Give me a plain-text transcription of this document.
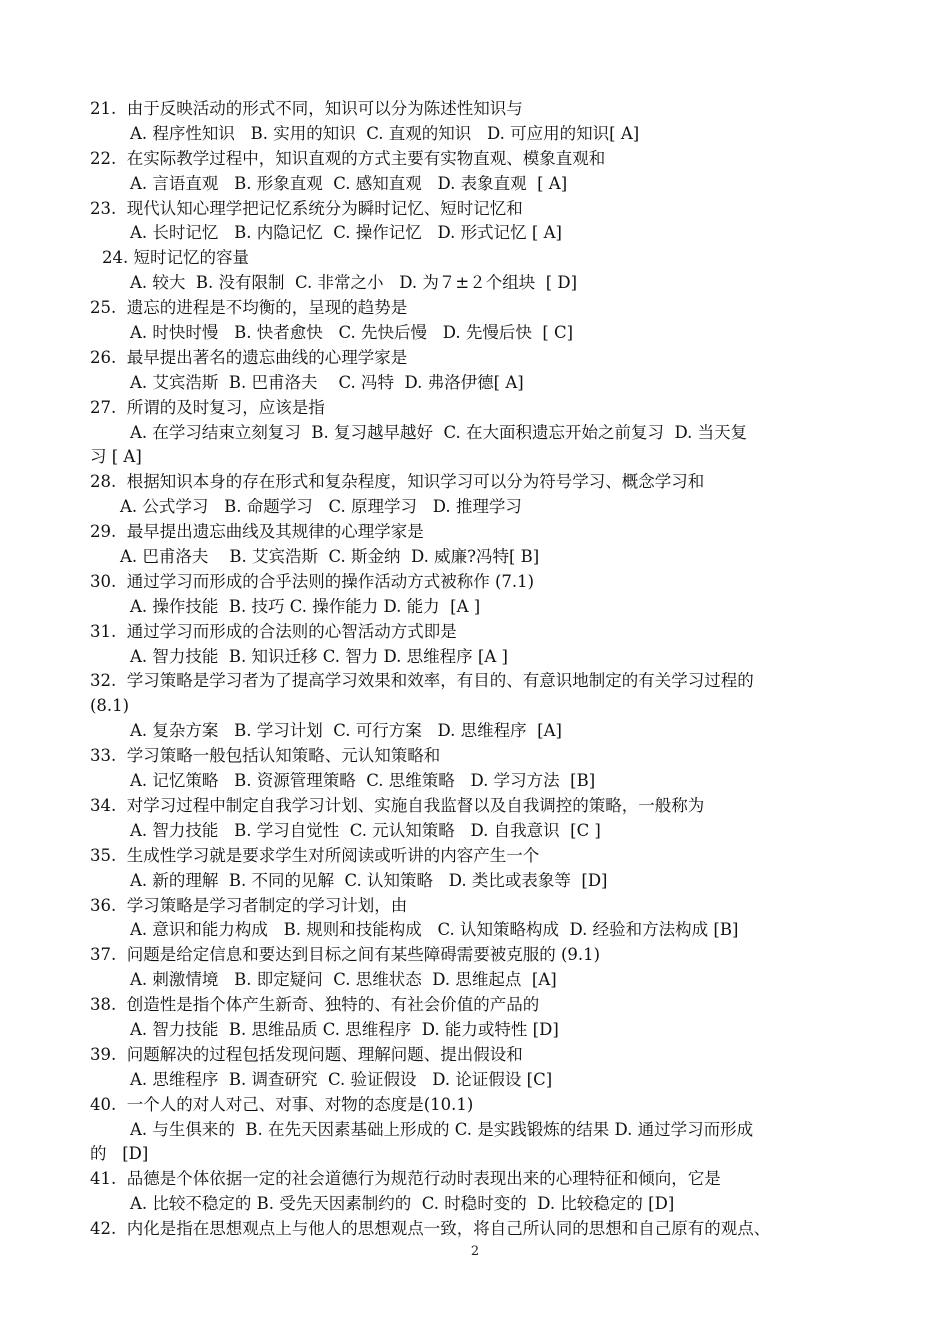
21.  由于反映活动的形式不同，知识可以分为陈述性知识与
A. 程序性知识   B. 实用的知识  C. 直观的知识   D. 可应用的知识[ A]
22.  在实际教学过程中，知识直观的方式主要有实物直观、模象直观和
A. 言语直观   B. 形象直观  C. 感知直观   D. 表象直观  [ A]
23.  现代认知心理学把记忆系统分为瞬时记忆、短时记忆和
A. 长时记忆   B. 内隐记忆  C. 操作记忆   D. 形式记忆 [ A]
24. 短时记忆的容量
A. 较大  B. 没有限制  C. 非常之小   D. 为７±２个组块  [ D]
25.  遗忘的进程是不均衡的，呈现的趋势是
A. 时快时慢   B. 快者愈快   C. 先快后慢   D. 先慢后快  [ C]
26.  最早提出著名的遗忘曲线的心理学家是
A. 艾宾浩斯  B. 巴甫洛夫    C. 冯特  D. 弗洛伊德[ A]
27.  所谓的及时复习，应该是指
A. 在学习结束立刻复习  B. 复习越早越好  C. 在大面积遗忘开始之前复习  D. 当天复
习 [ A]
28.  根据知识本身的存在形式和复杂程度，知识学习可以分为符号学习、概念学习和
A. 公式学习   B. 命题学习   C. 原理学习   D. 推理学习
29.  最早提出遗忘曲线及其规律的心理学家是
A. 巴甫洛夫    B. 艾宾浩斯  C. 斯金纳  D. 威廉?冯特[ B]
30.  通过学习而形成的合乎法则的操作活动方式被称作 (7.1)
A. 操作技能  B. 技巧 C. 操作能力 D. 能力  [A ]
31.  通过学习而形成的合法则的心智活动方式即是
A. 智力技能  B. 知识迁移 C. 智力 D. 思维程序 [A ]
32.  学习策略是学习者为了提高学习效果和效率，有目的、有意识地制定的有关学习过程的
(8.1)
A. 复杂方案   B. 学习计划  C. 可行方案   D. 思维程序  [A]
33.  学习策略一般包括认知策略、元认知策略和
A. 记忆策略   B. 资源管理策略  C. 思维策略   D. 学习方法  [B]
34.  对学习过程中制定自我学习计划、实施自我监督以及自我调控的策略，一般称为
A. 智力技能   B. 学习自觉性  C. 元认知策略   D. 自我意识  [C ]
35.  生成性学习就是要求学生对所阅读或听讲的内容产生一个
A. 新的理解  B. 不同的见解  C. 认知策略   D. 类比或表象等  [D]
36.  学习策略是学习者制定的学习计划，由
A. 意识和能力构成   B. 规则和技能构成   C. 认知策略构成  D. 经验和方法构成 [B]
37.  问题是给定信息和要达到目标之间有某些障碍需要被克服的 (9.1)
A. 刺激情境   B. 即定疑问  C. 思维状态  D. 思维起点  [A]
38.  创造性是指个体产生新奇、独特的、有社会价值的产品的
A. 智力技能  B. 思维品质 C. 思维程序  D. 能力或特性 [D]
39.  问题解决的过程包括发现问题、理解问题、提出假设和
A. 思维程序  B. 调查研究  C. 验证假设   D. 论证假设 [C]
40.  一个人的对人对己、对事、对物的态度是(10.1)
A. 与生俱来的  B. 在先天因素基础上形成的 C. 是实践锻炼的结果 D. 通过学习而形成
的   [D]
41.  品德是个体依据一定的社会道德行为规范行动时表现出来的心理特征和倾向，它是
A. 比较不稳定的 B. 受先天因素制约的  C. 时稳时变的  D. 比较稳定的 [D]
42.  内化是指在思想观点上与他人的思想观点一致，将自己所认同的思想和自己原有的观点、
2
